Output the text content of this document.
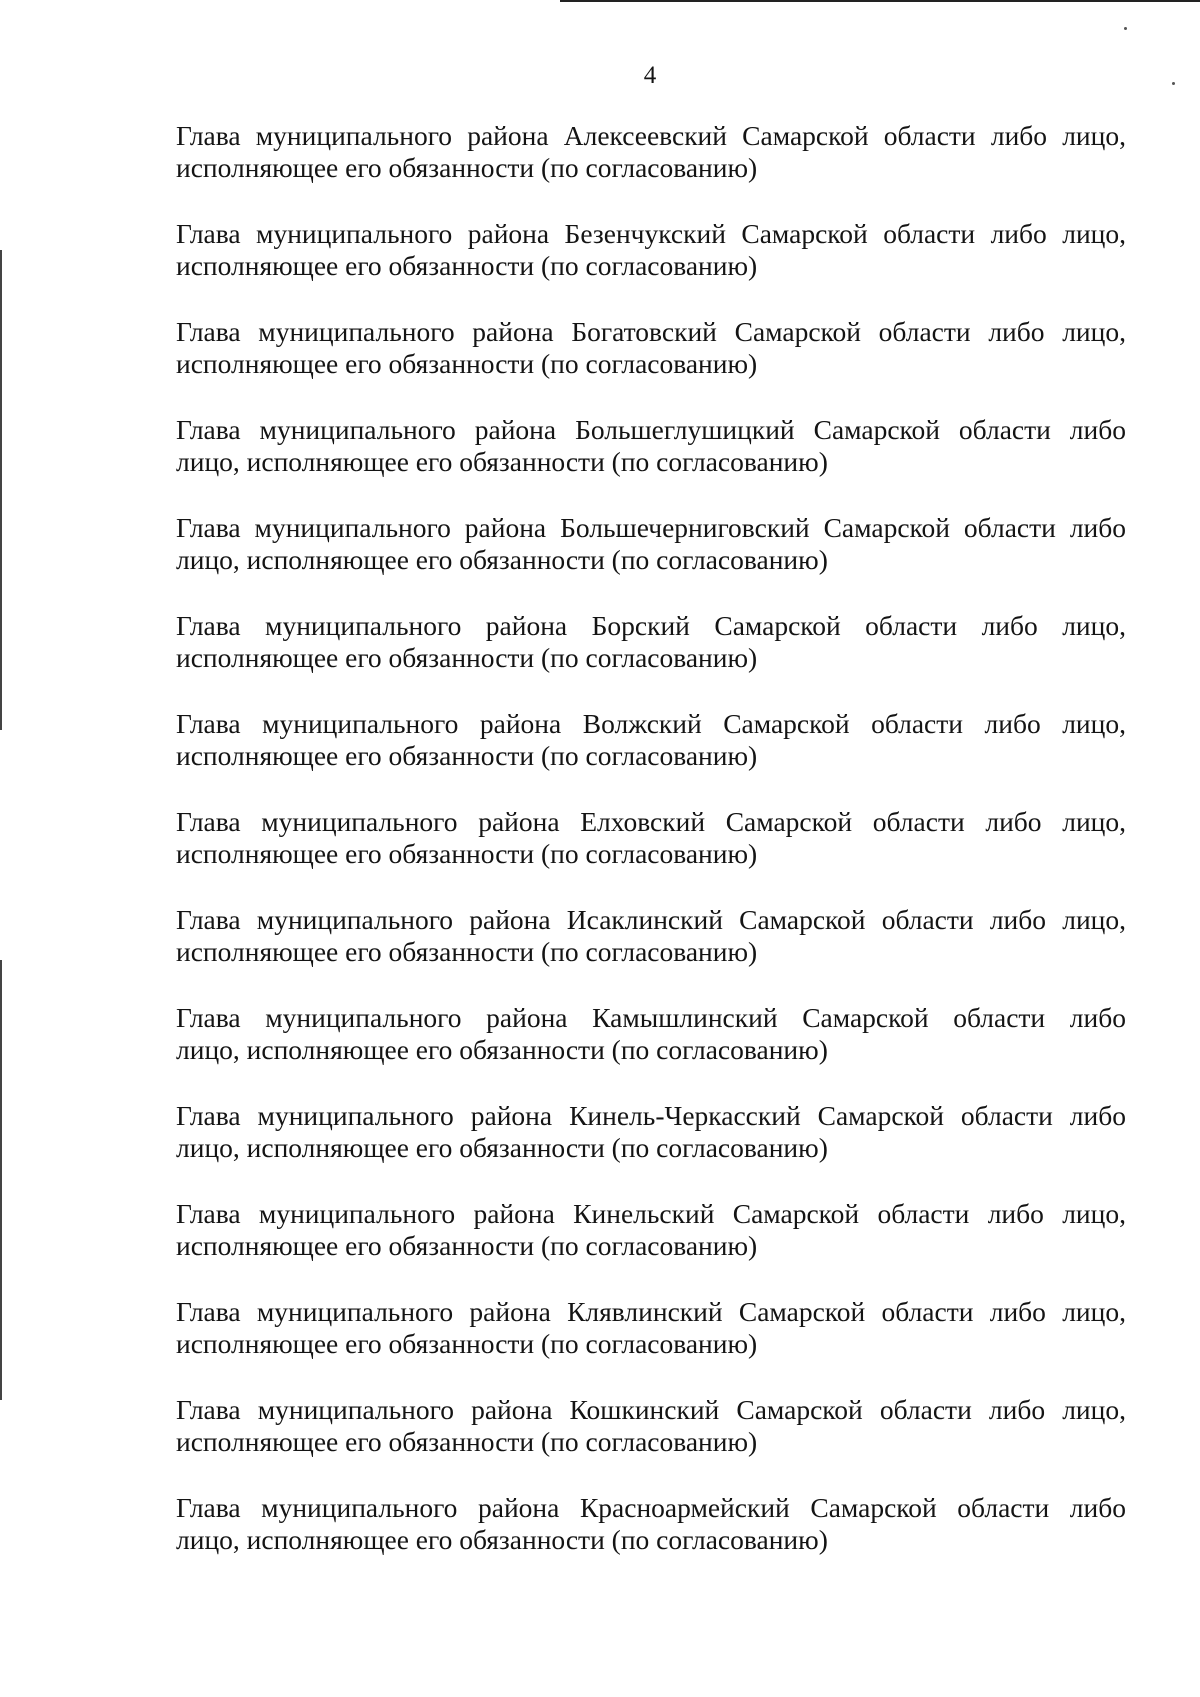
4

Глава муниципального района Алексеевский Самарской области либо лицо,
исполняющее его обязанности (по согласованию)

Глава муниципального района Безенчукский Самарской области либо лицо,
исполняющее его обязанности (по согласованию)

Глава муниципального района Богатовский Самарской области либо лицо,
исполняющее его обязанности (по согласованию)

Глава муниципального района Большеглушицкий Самарской области либо
лицо, исполняющее его обязанности (по согласованию)

Глава муниципального района Большечерниговский Самарской области либо
лицо, исполняющее его обязанности (по согласованию)

Глава муниципального района Борский Самарской области либо лицо,
исполняющее его обязанности (по согласованию)

Глава муниципального района Волжский Самарской области либо лицо,
исполняющее его обязанности (по согласованию)

Глава муниципального района Елховский Самарской области либо лицо,
исполняющее его обязанности (по согласованию)

Глава муниципального района Исаклинский Самарской области либо лицо,
исполняющее его обязанности (по согласованию)

Глава муниципального района Камышлинский Самарской области либо
лицо, исполняющее его обязанности (по согласованию)

Глава муниципального района Кинель-Черкасский Самарской области либо
лицо, исполняющее его обязанности (по согласованию)

Глава муниципального района Кинельский Самарской области либо лицо,
исполняющее его обязанности (по согласованию)

Глава муниципального района Клявлинский Самарской области либо лицо,
исполняющее его обязанности (по согласованию)

Глава муниципального района Кошкинский Самарской области либо лицо,
исполняющее его обязанности (по согласованию)

Глава муниципального района Красноармейский Самарской области либо
лицо, исполняющее его обязанности (по согласованию)
